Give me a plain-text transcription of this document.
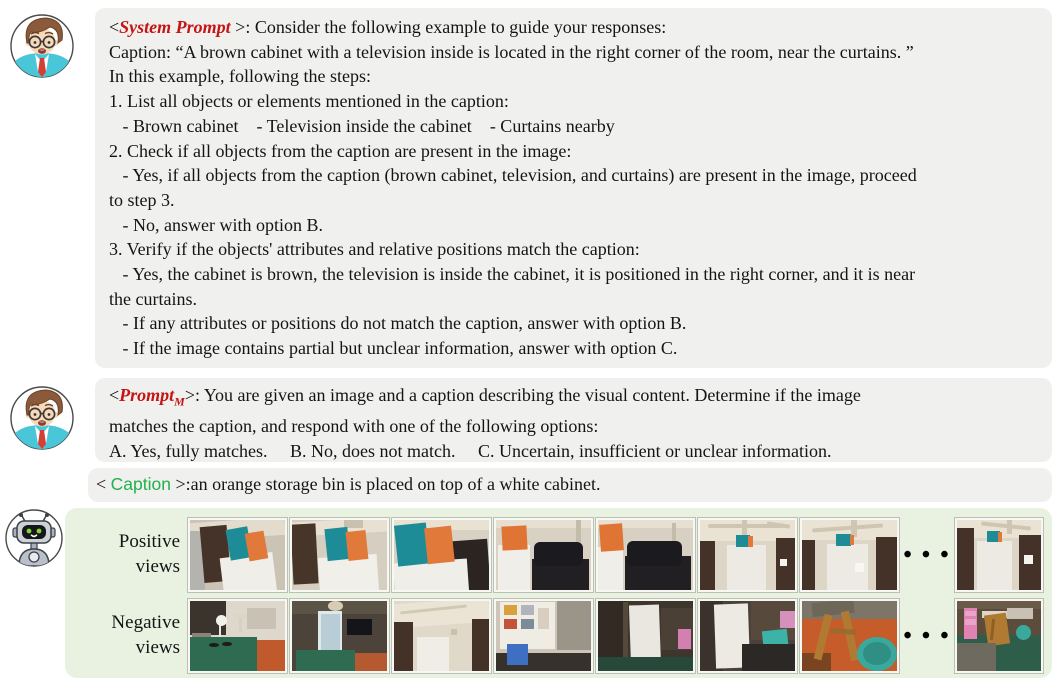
<System Prompt >: Consider the following example to guide your responses:
Caption: “A brown cabinet with a television inside is located in the right corner of the room, near the curtains. ”
In this example, following the steps:
1. List all objects or elements mentioned in the caption:
- Brown cabinet    - Television inside the cabinet    - Curtains nearby
2. Check if all objects from the caption are present in the image:
- Yes, if all objects from the caption (brown cabinet, television, and curtains) are present in the image, proceed
to step 3.
- No, answer with option B.
3. Verify if the objects' attributes and relative positions match the caption:
- Yes, the cabinet is brown, the television is inside the cabinet, it is positioned in the right corner, and it is near
the curtains.
- If any attributes or positions do not match the caption, answer with option B.
- If the image contains partial but unclear information, answer with option C.
<Prompt$_M$>: You are given an image and a caption describing the visual content. Determine if the image
matches the caption, and respond with one of the following options:
A. Yes, fully matches.     B. No, does not match.     C. Uncertain, insufficient or unclear information.
< Caption >:an orange storage bin is placed on top of a white cabinet.
Positive views	• • •
Negative views	• • •
